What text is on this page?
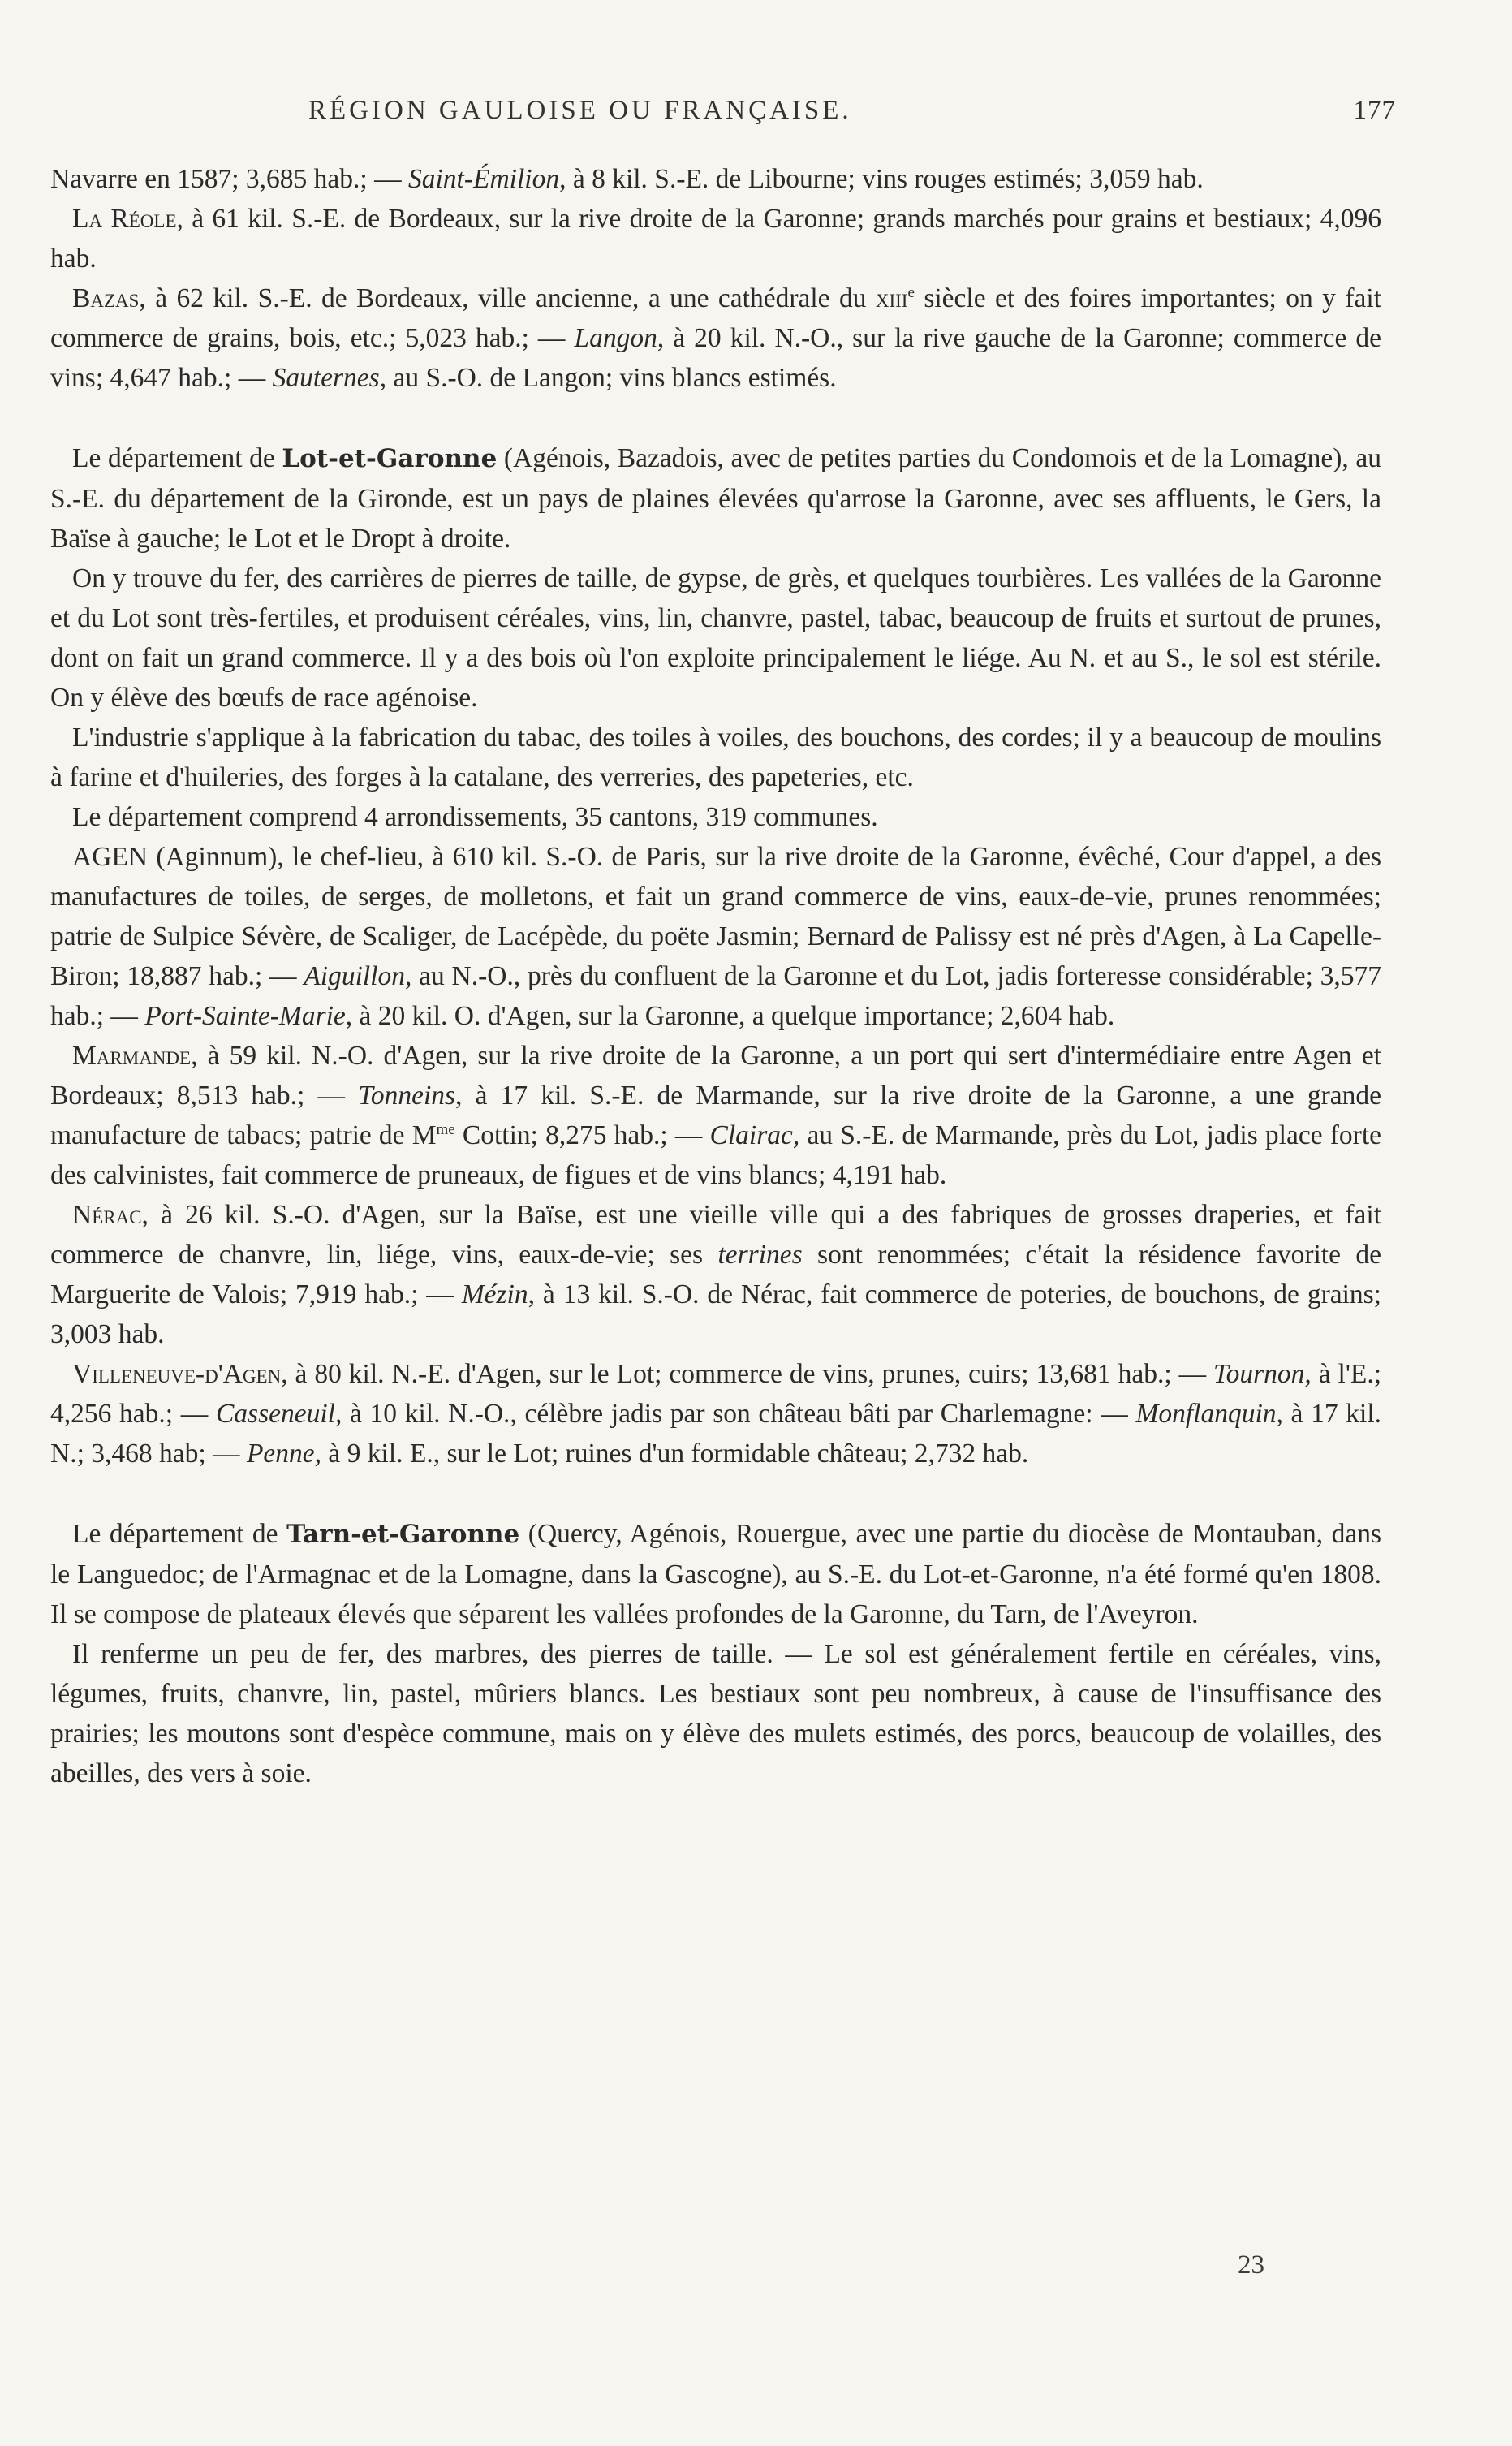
RÉGION GAULOISE OU FRANÇAISE.	177

Navarre en 1587; 3,685 hab.; — Saint-Émilion, à 8 kil. S.-E. de Libourne; vins rouges estimés; 3,059 hab.

La Réole, à 61 kil. S.-E. de Bordeaux, sur la rive droite de la Garonne; grands marchés pour grains et bestiaux; 4,096 hab.

Bazas, à 62 kil. S.-E. de Bordeaux, ville ancienne, a une cathédrale du xiii$^e$ siècle et des foires importantes; on y fait commerce de grains, bois, etc.; 5,023 hab.; — Langon, à 20 kil. N.-O., sur la rive gauche de la Garonne; commerce de vins; 4,647 hab.; — Sauternes, au S.-O. de Langon; vins blancs estimés.

Le département de Lot-et-Garonne (Agénois, Bazadois, avec de petites parties du Condomois et de la Lomagne), au S.-E. du département de la Gironde, est un pays de plaines élevées qu'arrose la Garonne, avec ses affluents, le Gers, la Baïse à gauche; le Lot et le Dropt à droite.

On y trouve du fer, des carrières de pierres de taille, de gypse, de grès, et quelques tourbières. Les vallées de la Garonne et du Lot sont très-fertiles, et produisent céréales, vins, lin, chanvre, pastel, tabac, beaucoup de fruits et surtout de prunes, dont on fait un grand commerce. Il y a des bois où l'on exploite principalement le liége. Au N. et au S., le sol est stérile. On y élève des bœufs de race agénoise.

L'industrie s'applique à la fabrication du tabac, des toiles à voiles, des bouchons, des cordes; il y a beaucoup de moulins à farine et d'huileries, des forges à la catalane, des verreries, des papeteries, etc.

Le département comprend 4 arrondissements, 35 cantons, 319 communes.

AGEN (Aginnum), le chef-lieu, à 610 kil. S.-O. de Paris, sur la rive droite de la Garonne, évêché, Cour d'appel, a des manufactures de toiles, de serges, de molletons, et fait un grand commerce de vins, eaux-de-vie, prunes renommées; patrie de Sulpice Sévère, de Scaliger, de Lacépède, du poëte Jasmin; Bernard de Palissy est né près d'Agen, à La Capelle-Biron; 18,887 hab.; — Aiguillon, au N.-O., près du confluent de la Garonne et du Lot, jadis forteresse considérable; 3,577 hab.; — Port-Sainte-Marie, à 20 kil. O. d'Agen, sur la Garonne, a quelque importance; 2,604 hab.

Marmande, à 59 kil. N.-O. d'Agen, sur la rive droite de la Garonne, a un port qui sert d'intermédiaire entre Agen et Bordeaux; 8,513 hab.; — Tonneins, à 17 kil. S.-E. de Marmande, sur la rive droite de la Garonne, a une grande manufacture de tabacs; patrie de $M^{me}$ Cottin; 8,275 hab.; — Clairac, au S.-E. de Marmande, près du Lot, jadis place forte des calvinistes, fait commerce de pruneaux, de figues et de vins blancs; 4,191 hab.

Nérac, à 26 kil. S.-O. d'Agen, sur la Baïse, est une vieille ville qui a des fabriques de grosses draperies, et fait commerce de chanvre, lin, liége, vins, eaux-de-vie; ses terrines sont renommées; c'était la résidence favorite de Marguerite de Valois; 7,919 hab.; — Mézin, à 13 kil. S.-O. de Nérac, fait commerce de poteries, de bouchons, de grains; 3,003 hab.

Villeneuve-d'Agen, à 80 kil. N.-E. d'Agen, sur le Lot; commerce de vins, prunes, cuirs; 13,681 hab.; — Tournon, à l'E.; 4,256 hab.; — Casseneuil, à 10 kil. N.-O., célèbre jadis par son château bâti par Charlemagne: — Monflanquin, à 17 kil. N.; 3,468 hab; — Penne, à 9 kil. E., sur le Lot; ruines d'un formidable château; 2,732 hab.

Le département de Tarn-et-Garonne (Quercy, Agénois, Rouergue, avec une partie du diocèse de Montauban, dans le Languedoc; de l'Armagnac et de la Lomagne, dans la Gascogne), au S.-E. du Lot-et-Garonne, n'a été formé qu'en 1808. Il se compose de plateaux élevés que séparent les vallées profondes de la Garonne, du Tarn, de l'Aveyron.

Il renferme un peu de fer, des marbres, des pierres de taille. — Le sol est généralement fertile en céréales, vins, légumes, fruits, chanvre, lin, pastel, mûriers blancs. Les bestiaux sont peu nombreux, à cause de l'insuffisance des prairies; les moutons sont d'espèce commune, mais on y élève des mulets estimés, des porcs, beaucoup de volailles, des abeilles, des vers à soie.

23
